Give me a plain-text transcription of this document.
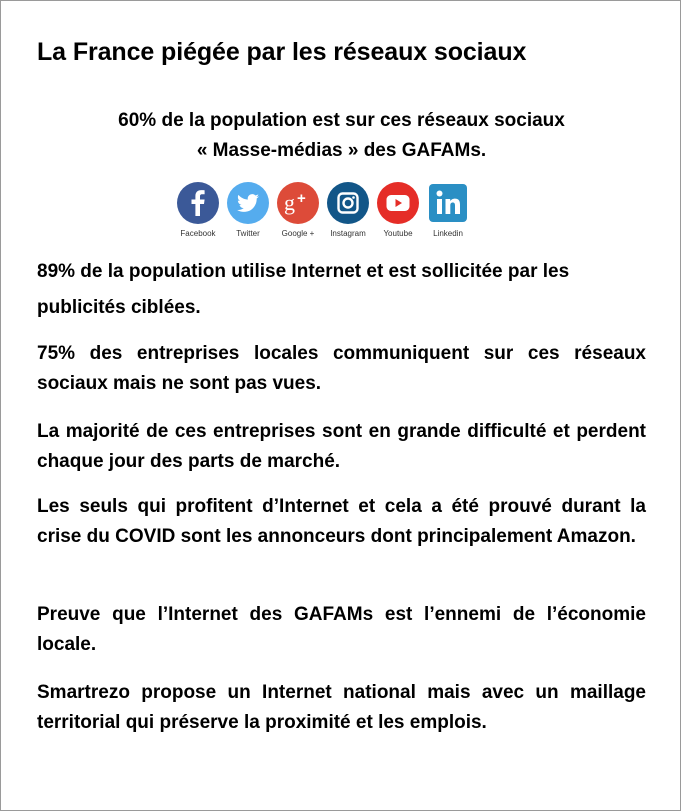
La France piégée par les réseaux sociaux
60% de la population est sur ces réseaux sociaux
« Masse-médias » des GAFAMs.
Facebook	Twitter
g +
Google +	Instagram	Youtube	Linkedin
89% de la population utilise Internet et est sollicitée par les publicités ciblées.
75% des entreprises locales communiquent sur ces réseaux sociaux mais ne sont pas vues.
La majorité de ces entreprises sont en grande difficulté et perdent chaque jour des parts de marché.
Les seuls qui profitent d’Internet et cela a été prouvé durant la crise du COVID sont les annonceurs dont principalement Amazon.
Preuve que l’Internet des GAFAMs est l’ennemi de l’économie locale.
Smartrezo propose un Internet national mais avec un maillage territorial qui préserve la proximité et les emplois.
